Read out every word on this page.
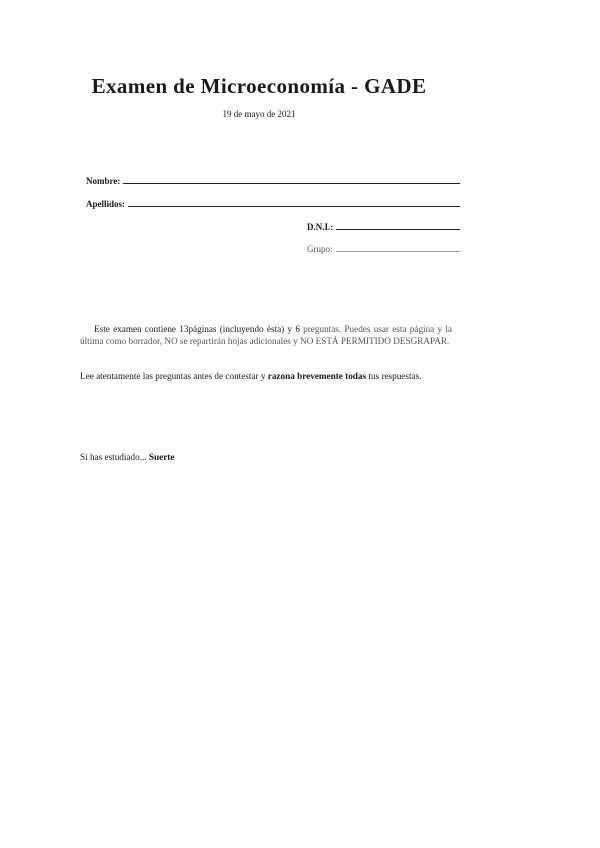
Examen de Microeconomía - GADE
19 de mayo de 2021
Nombre:
Apellidos:
D.N.I.:
Grupo:
Este examen contiene 13páginas (incluyendo ésta) y 6 preguntas. Puedes usar esta página y la última como borrador, NO se repartirán hojas adicionales y NO ESTÁ PERMITIDO DESGRAPAR.
Lee atentamente las preguntas antes de contestar y razona brevemente todas tus respuestas.
Si has estudiado... Suerte
